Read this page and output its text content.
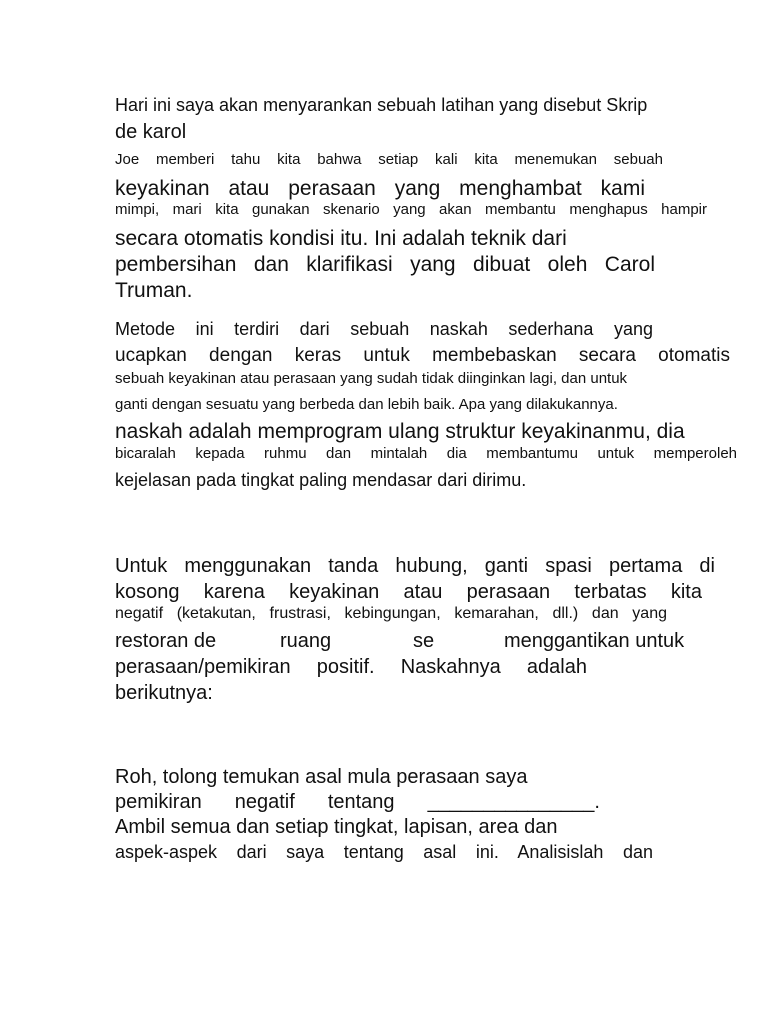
Hari ini saya akan menyarankan sebuah latihan yang disebut Skrip
de karol
Joe memberi tahu kita bahwa setiap kali kita menemukan sebuah
keyakinan atau perasaan yang menghambat kami
mimpi, mari kita gunakan skenario yang akan membantu menghapus hampir
secara otomatis kondisi itu. Ini adalah teknik dari
pembersihan dan klarifikasi yang dibuat oleh Carol
Truman.
Metode ini terdiri dari sebuah naskah sederhana yang
ucapkan dengan keras untuk membebaskan secara otomatis
sebuah keyakinan atau perasaan yang sudah tidak diinginkan lagi, dan untuk
ganti dengan sesuatu yang berbeda dan lebih baik. Apa yang dilakukannya.
naskah adalah memprogram ulang struktur keyakinanmu, dia
bicaralah kepada ruhmu dan mintalah dia membantumu untuk memperoleh
kejelasan pada tingkat paling mendasar dari dirimu.
Untuk menggunakan tanda hubung, ganti spasi pertama di
kosong karena keyakinan atau perasaan terbatas kita
negatif (ketakutan, frustrasi, kebingungan, kemarahan, dll.) dan yang
restoran de	ruang	se	menggantikan untuk
perasaan/pemikiran positif. Naskahnya adalah
berikutnya:
Roh, tolong temukan asal mula perasaan saya
pemikiran negatif tentang _______________.
Ambil semua dan setiap tingkat, lapisan, area dan
aspek-aspek dari saya tentang asal ini. Analisislah dan
